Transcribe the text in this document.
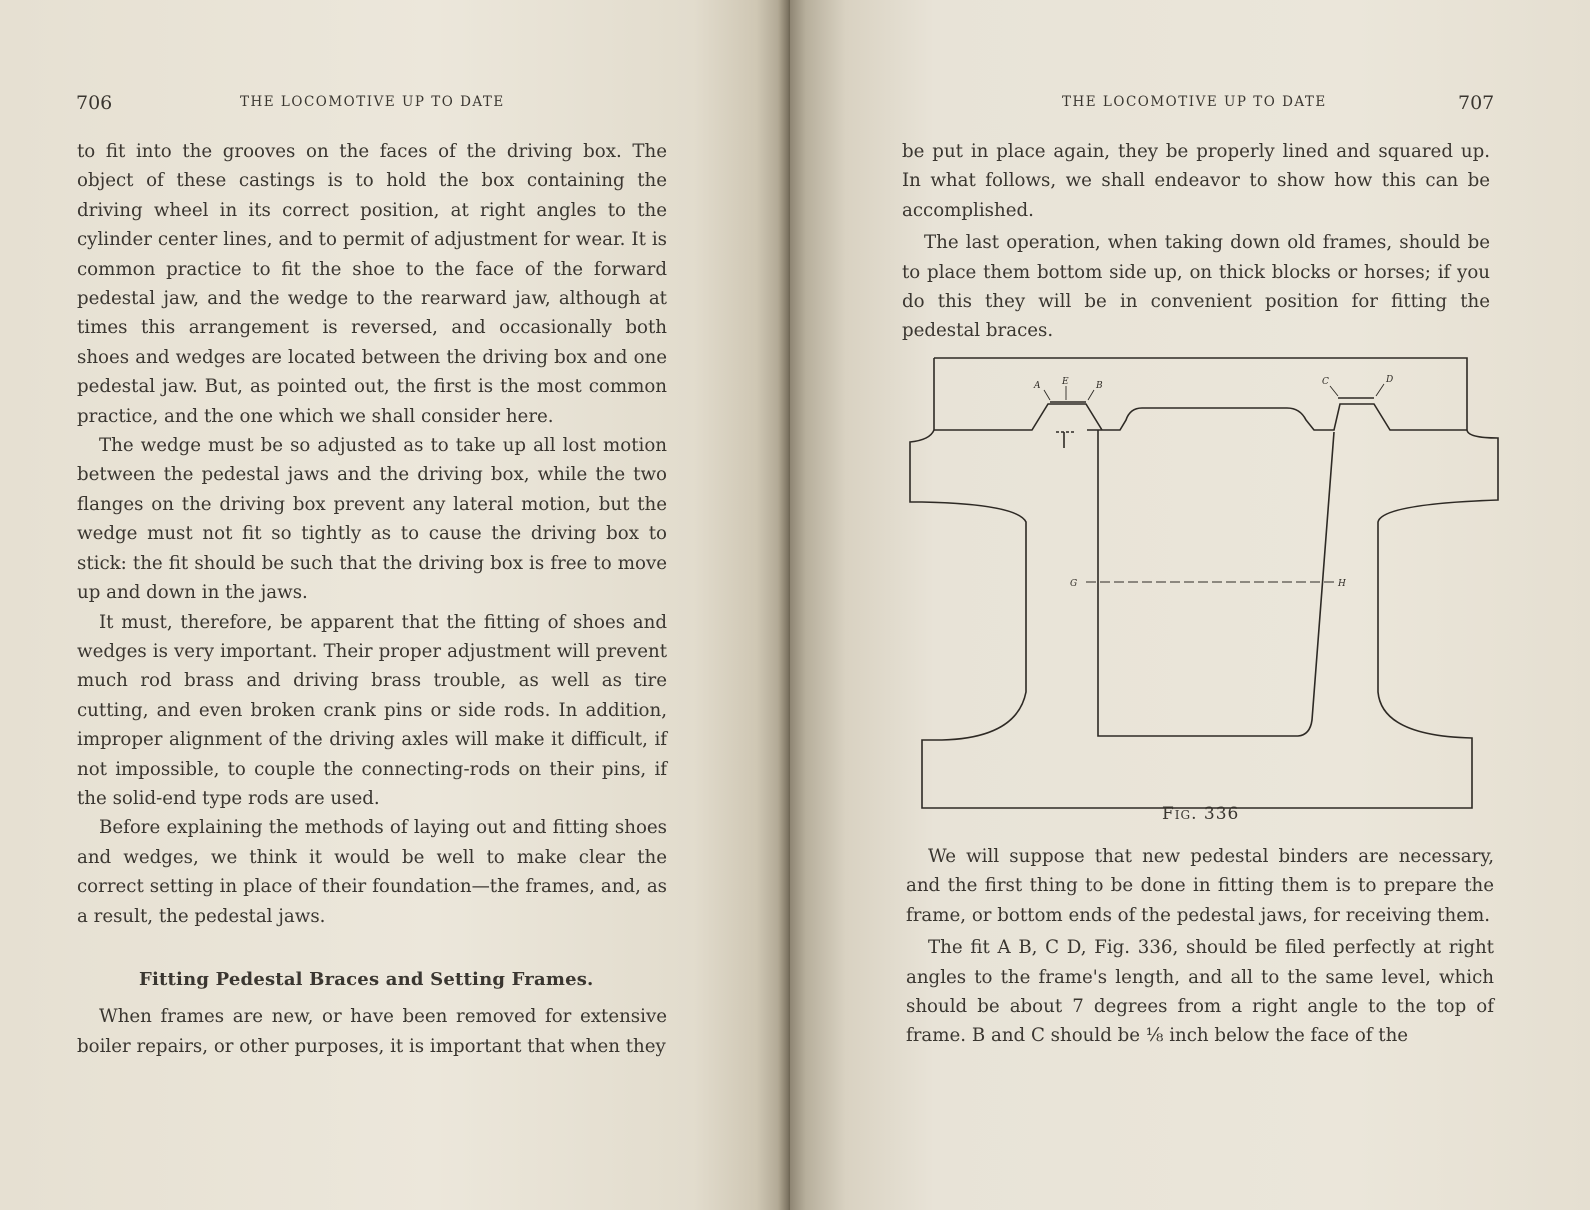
706	THE LOCOMOTIVE UP TO DATE

to fit into the grooves on the faces of the driving box. The object of these castings is to hold the box containing the driving wheel in its correct position, at right angles to the cylinder center lines, and to permit of adjustment for wear. It is common practice to fit the shoe to the face of the forward pedestal jaw, and the wedge to the rearward jaw, although at times this arrangement is reversed, and occasionally both shoes and wedges are located between the driving box and one pedestal jaw. But, as pointed out, the first is the most common practice, and the one which we shall consider here.

The wedge must be so adjusted as to take up all lost motion between the pedestal jaws and the driving box, while the two flanges on the driving box prevent any lateral motion, but the wedge must not fit so tightly as to cause the driving box to stick: the fit should be such that the driving box is free to move up and down in the jaws.

It must, therefore, be apparent that the fitting of shoes and wedges is very important. Their proper adjustment will prevent much rod brass and driving brass trouble, as well as tire cutting, and even broken crank pins or side rods. In addition, improper alignment of the driving axles will make it difficult, if not impossible, to couple the connecting-rods on their pins, if the solid-end type rods are used.

Before explaining the methods of laying out and fitting shoes and wedges, we think it would be well to make clear the correct setting in place of their foundation—the frames, and, as a result, the pedestal jaws.

Fitting Pedestal Braces and Setting Frames.

When frames are new, or have been removed for extensive boiler repairs, or other purposes, it is important that when they

THE LOCOMOTIVE UP TO DATE	707

be put in place again, they be properly lined and squared up. In what follows, we shall endeavor to show how this can be accomplished.

The last operation, when taking down old frames, should be to place them bottom side up, on thick blocks or horses; if you do this they will be in convenient position for fitting the pedestal braces.

A E	B	C	D
G	H
Fig. 336

We will suppose that new pedestal binders are necessary, and the first thing to be done in fitting them is to prepare the frame, or bottom ends of the pedestal jaws, for receiving them.

The fit A B, C D, Fig. 336, should be filed perfectly at right angles to the frame's length, and all to the same level, which should be about 7 degrees from a right angle to the top of frame. B and C should be ⅛ inch below the face of the
